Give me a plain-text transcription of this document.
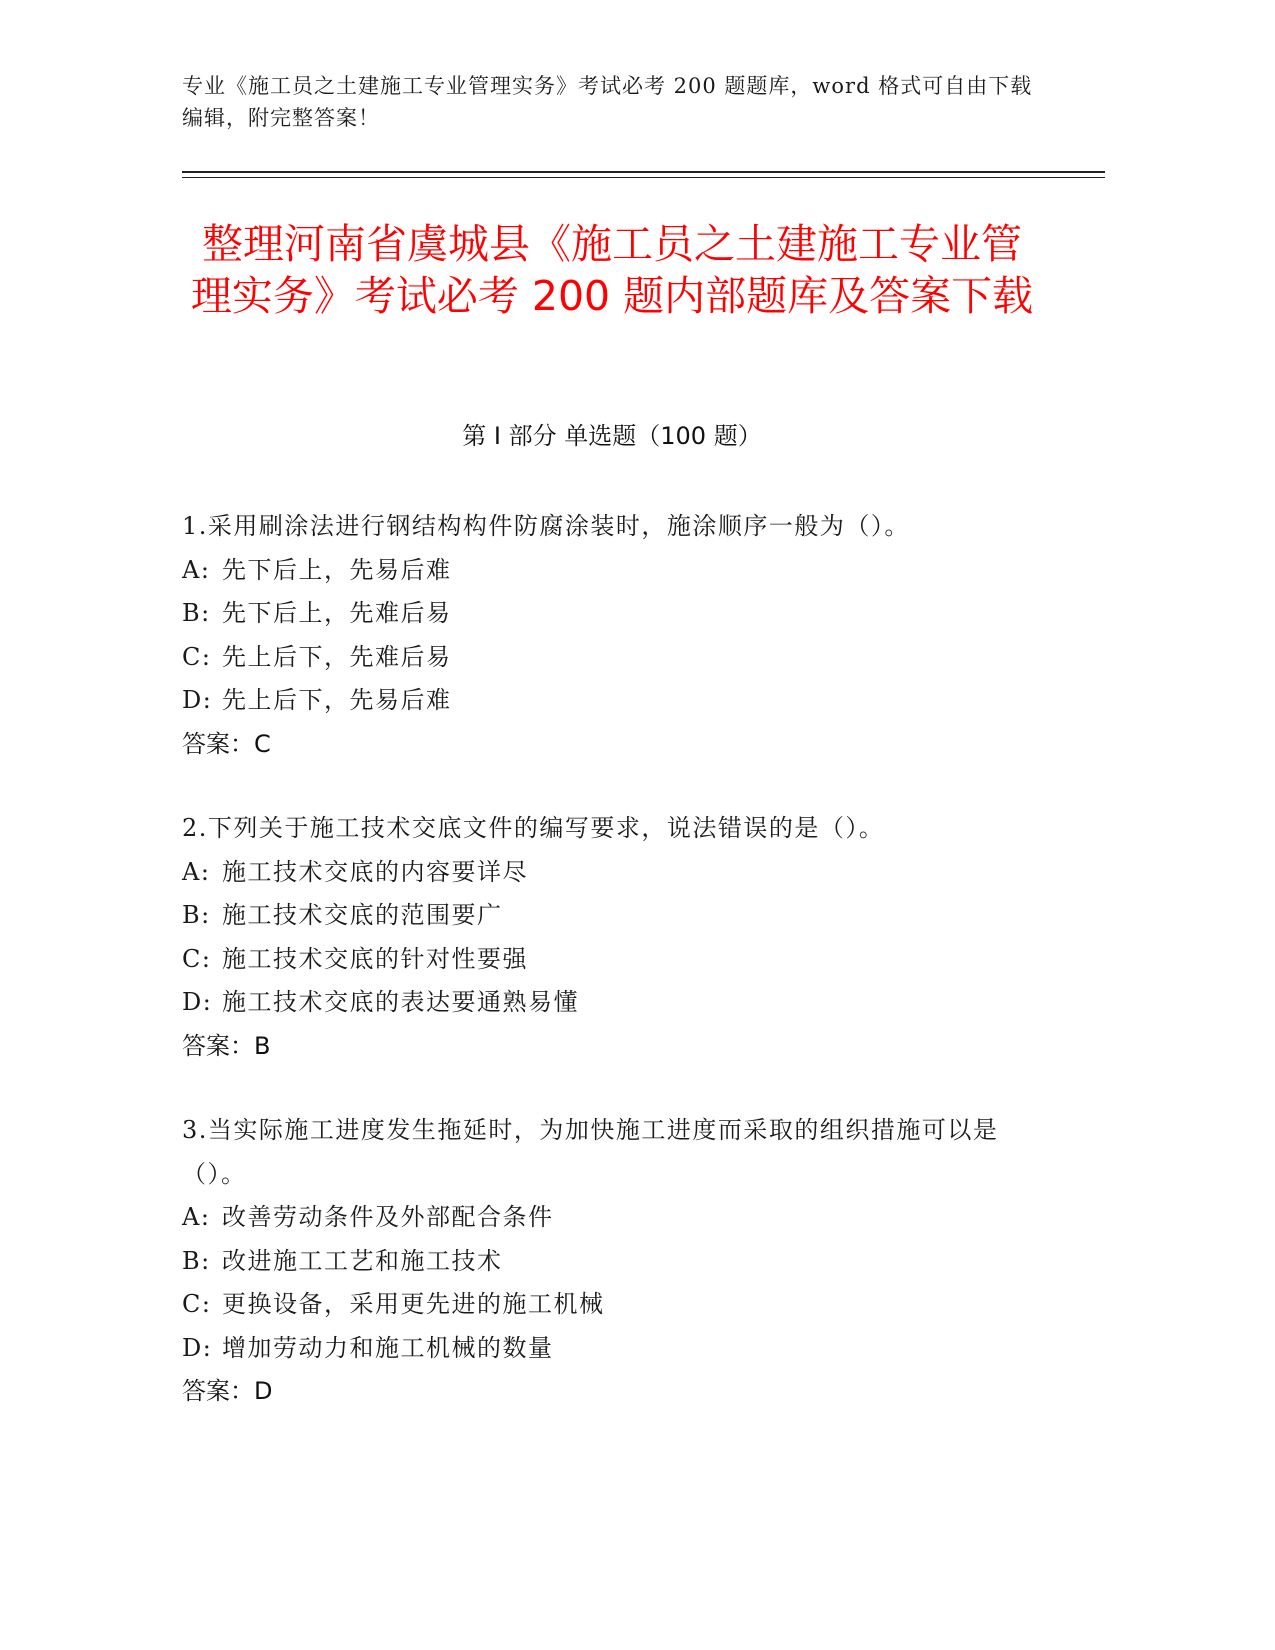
专业《施工员之土建施工专业管理实务》考试必考 200 题题库，word 格式可自由下载编辑，附完整答案！
整理河南省虞城县《施工员之土建施工专业管理实务》考试必考 200 题内部题库及答案下载
第 I 部分 单选题（100 题）
1.采用刷涂法进行钢结构构件防腐涂装时，施涂顺序一般为（）。
A: 先下后上，先易后难
B: 先下后上，先难后易
C: 先上后下，先难后易
D: 先上后下，先易后难
答案：C
2.下列关于施工技术交底文件的编写要求，说法错误的是（）。
A: 施工技术交底的内容要详尽
B: 施工技术交底的范围要广
C: 施工技术交底的针对性要强
D: 施工技术交底的表达要通熟易懂
答案：B
3.当实际施工进度发生拖延时，为加快施工进度而采取的组织措施可以是（）。
A: 改善劳动条件及外部配合条件
B: 改进施工工艺和施工技术
C: 更换设备，采用更先进的施工机械
D: 增加劳动力和施工机械的数量
答案：D
